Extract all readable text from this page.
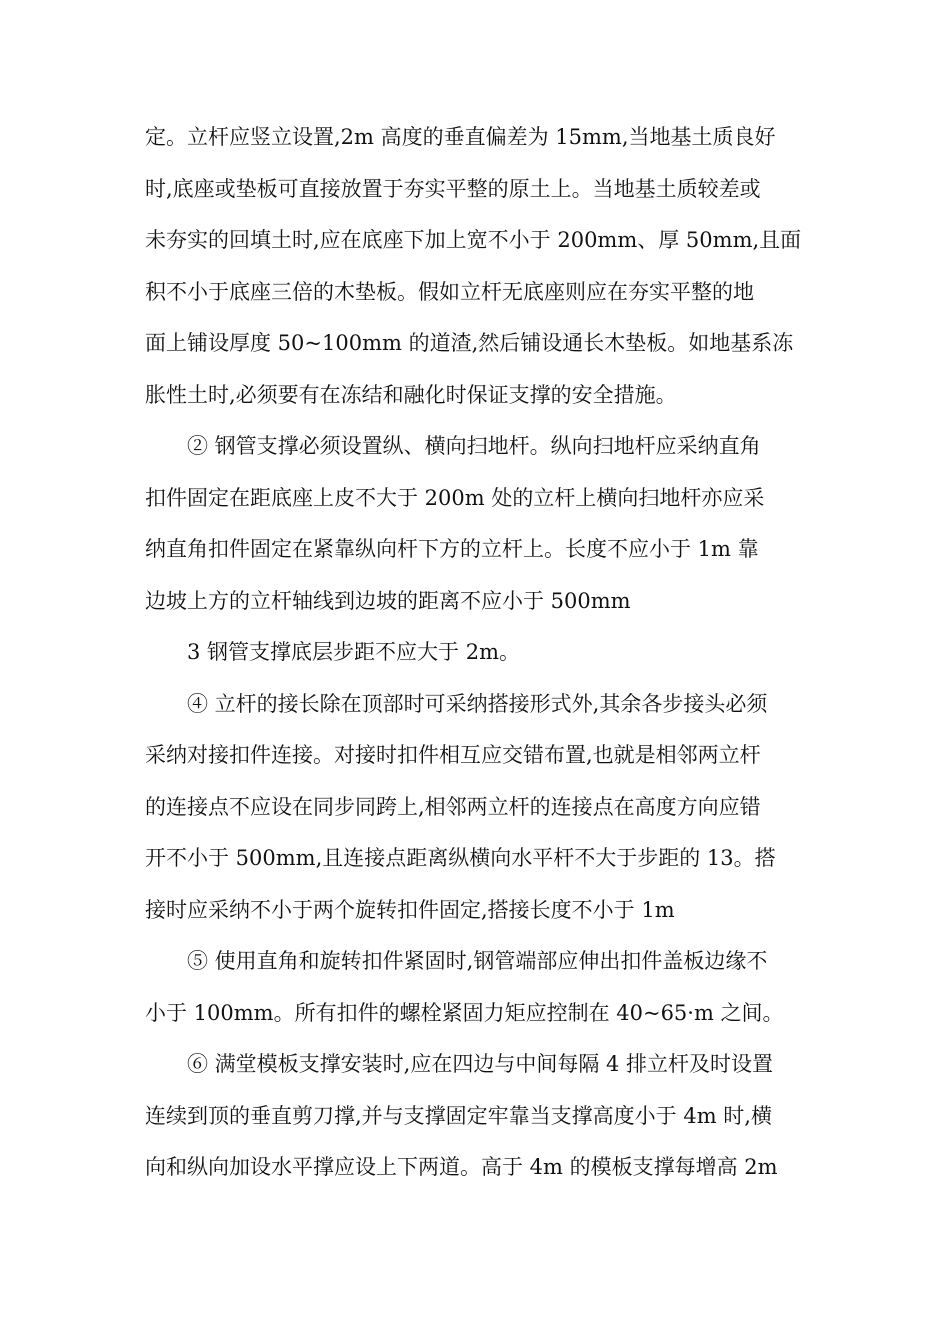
定。立杆应竖立设置,2m 高度的垂直偏差为 15mm,当地基土质良好
时,底座或垫板可直接放置于夯实平整的原土上。当地基土质较差或
未夯实的回填土时,应在底座下加上宽不小于 200mm、厚 50mm,且面
积不小于底座三倍的木垫板。假如立杆无底座则应在夯实平整的地
面上铺设厚度 50~100mm 的道渣,然后铺设通长木垫板。如地基系冻
胀性土时,必须要有在冻结和融化时保证支撑的安全措施。
② 钢管支撑必须设置纵、横向扫地杆。纵向扫地杆应采纳直角
扣件固定在距底座上皮不大于 200m 处的立杆上横向扫地杆亦应采
纳直角扣件固定在紧靠纵向杆下方的立杆上。长度不应小于 1m 靠
边坡上方的立杆轴线到边坡的距离不应小于 500mm
3 钢管支撑底层步距不应大于 2m。
④ 立杆的接长除在顶部时可采纳搭接形式外,其余各步接头必须
采纳对接扣件连接。对接时扣件相互应交错布置,也就是相邻两立杆
的连接点不应设在同步同跨上,相邻两立杆的连接点在高度方向应错
开不小于 500mm,且连接点距离纵横向水平杆不大于步距的 13。搭
接时应采纳不小于两个旋转扣件固定,搭接长度不小于 1m
⑤ 使用直角和旋转扣件紧固时,钢管端部应伸出扣件盖板边缘不
小于 100mm。所有扣件的螺栓紧固力矩应控制在 40~65·m 之间。
⑥ 满堂模板支撑安装时,应在四边与中间每隔 4 排立杆及时设置
连续到顶的垂直剪刀撑,并与支撑固定牢靠当支撑高度小于 4m 时,横
向和纵向加设水平撑应设上下两道。高于 4m 的模板支撑每增高 2m
